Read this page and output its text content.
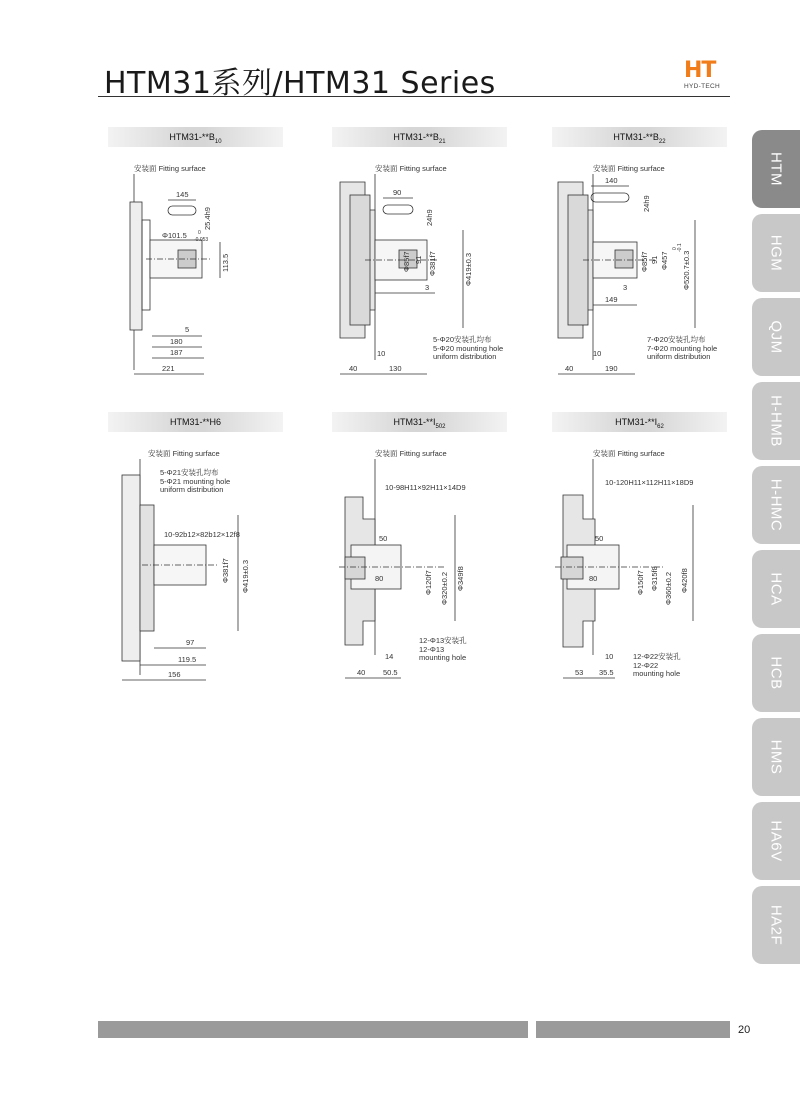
HTM31系列/HTM31 Series	HT
HYD-TECH
HTM
HGM
QJM
H-HMB
H-HMC
HCA
HCB
HMS
HA6V
HA2F
$HTM31-**B_{10}$	$HTM31-**B_{21}$	$HTM31-**B_{22}$
HTM31-**H6	$HTM31-**I_{502}$	$HTM31-**I_{62}$
安装面 Fitting surface
145
25.4h9
Φ101.5 0
-0.053
113.5
5
180
187
221
安装面 Fitting surface
90
24h9
Φ85f7 91 Φ381f7	Φ419±0.3
3
5-Φ20安装孔均布
5-Φ20 mounting hole
uniform distribution
10
40	130
安装面 Fitting surface
140
24h9
Φ85f7 91 Φ457
0 -0.1
Φ520.7±0.3
3
149
7-Φ20安装孔均布
7-Φ20 mounting hole
uniform distribution
10
40	190
安装面 Fitting surface
5-Φ21安装孔均布
5-Φ21 mounting hole
uniform distribution
10-92b12×82b12×12f8
Φ381f7 Φ419±0.3
97
119.5
156
安装面 Fitting surface
10-98H11×92H11×14D9
50
80	Φ120f7 Φ320±0.2 Φ349f8
12-Φ13安装孔
12-Φ13
mounting hole
14
40 50.5
安装面 Fitting surface
10-120H11×112H11×18D9
50
80	Φ150f7 Φ315f8 Φ360±0.2 Φ420f8
12-Φ22安装孔
12-Φ22
mounting hole
10
53 35.5
20
